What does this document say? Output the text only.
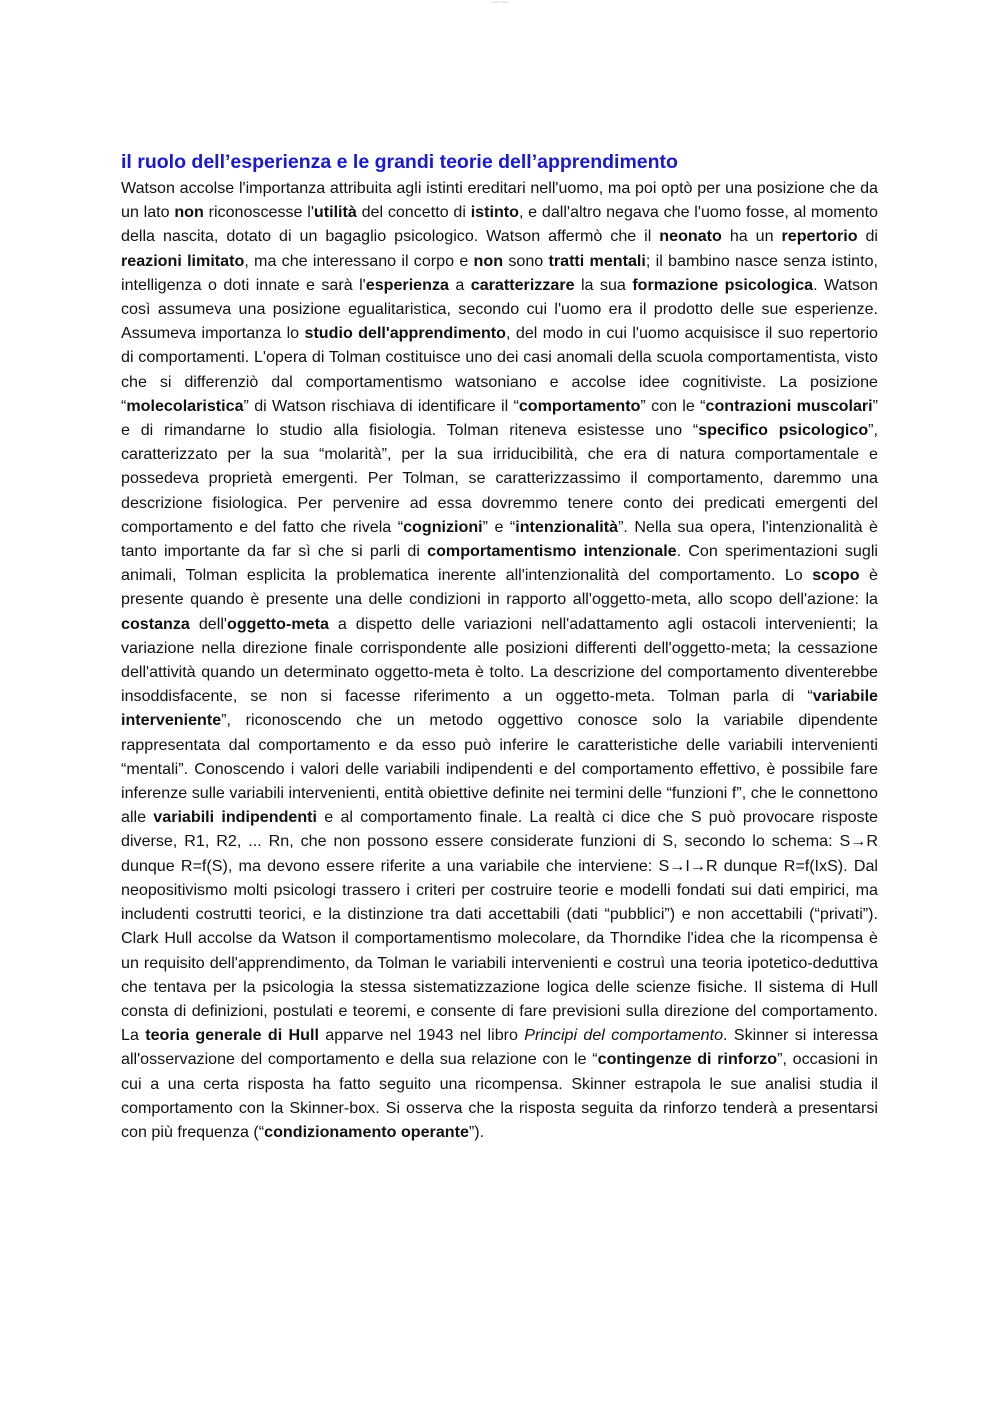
Lorem Ipsum
il ruolo dell’esperienza e le grandi teorie dell’apprendimento

Watson accolse l'importanza attribuita agli istinti ereditari nell'uomo, ma poi optò per una posizione che da un lato non riconoscesse l'utilità del concetto di istinto, e dall'altro negava che l'uomo fosse, al momento della nascita, dotato di un bagaglio psicologico. Watson affermò che il neonato ha un repertorio di reazioni limitato, ma che interessano il corpo e non sono tratti mentali; il bambino nasce senza istinto, intelligenza o doti innate e sarà l'esperienza a caratterizzare la sua formazione psicologica. Watson così assumeva una posizione egualitaristica, secondo cui l'uomo era il prodotto delle sue esperienze. Assumeva importanza lo studio dell'apprendimento, del modo in cui l'uomo acquisisce il suo repertorio di comportamenti. L'opera di Tolman costituisce uno dei casi anomali della scuola comportamentista, visto che si differenziò dal comportamentismo watsoniano e accolse idee cognitiviste. La posizione “molecolaristica” di Watson rischiava di identificare il “comportamento” con le “contrazioni muscolari” e di rimandarne lo studio alla fisiologia. Tolman riteneva esistesse uno “specifico psicologico”, caratterizzato per la sua “molarità”, per la sua irriducibilità, che era di natura comportamentale e possedeva proprietà emergenti. Per Tolman, se caratterizzassimo il comportamento, daremmo una descrizione fisiologica. Per pervenire ad essa dovremmo tenere conto dei predicati emergenti del comportamento e del fatto che rivela “cognizioni” e “intenzionalità”. Nella sua opera, l'intenzionalità è tanto importante da far sì che si parli di comportamentismo intenzionale. Con sperimentazioni sugli animali, Tolman esplicita la problematica inerente all'intenzionalità del comportamento. Lo scopo è presente quando è presente una delle condizioni in rapporto all'oggetto-meta, allo scopo dell'azione: la costanza dell'oggetto-meta a dispetto delle variazioni nell'adattamento agli ostacoli intervenienti; la variazione nella direzione finale corrispondente alle posizioni differenti dell'oggetto-meta; la cessazione dell'attività quando un determinato oggetto-meta è tolto. La descrizione del comportamento diventerebbe insoddisfacente, se non si facesse riferimento a un oggetto-meta. Tolman parla di “variabile interveniente”, riconoscendo che un metodo oggettivo conosce solo la variabile dipendente rappresentata dal comportamento e da esso può inferire le caratteristiche delle variabili intervenienti “mentali”. Conoscendo i valori delle variabili indipendenti e del comportamento effettivo, è possibile fare inferenze sulle variabili intervenienti, entità obiettive definite nei termini delle “funzioni f”, che le connettono alle variabili indipendenti e al comportamento finale. La realtà ci dice che S può provocare risposte diverse, R1, R2, ... Rn, che non possono essere considerate funzioni di S, secondo lo schema: S→R dunque R=f(S), ma devono essere riferite a una variabile che interviene: S→I→R dunque R=f(IxS). Dal neopositivismo molti psicologi trassero i criteri per costruire teorie e modelli fondati sui dati empirici, ma includenti costrutti teorici, e la distinzione tra dati accettabili (dati “pubblici”) e non accettabili (“privati”). Clark Hull accolse da Watson il comportamentismo molecolare, da Thorndike l'idea che la ricompensa è un requisito dell'apprendimento, da Tolman le variabili intervenienti e costruì una teoria ipotetico-deduttiva che tentava per la psicologia la stessa sistematizzazione logica delle scienze fisiche. Il sistema di Hull consta di definizioni, postulati e teoremi, e consente di fare previsioni sulla direzione del comportamento. La teoria generale di Hull apparve nel 1943 nel libro Principi del comportamento. Skinner si interessa all'osservazione del comportamento e della sua relazione con le “contingenze di rinforzo”, occasioni in cui a una certa risposta ha fatto seguito una ricompensa. Skinner estrapola le sue analisi studia il comportamento con la Skinner-box. Si osserva che la risposta seguita da rinforzo tenderà a presentarsi con più frequenza (“condizionamento operante”).
